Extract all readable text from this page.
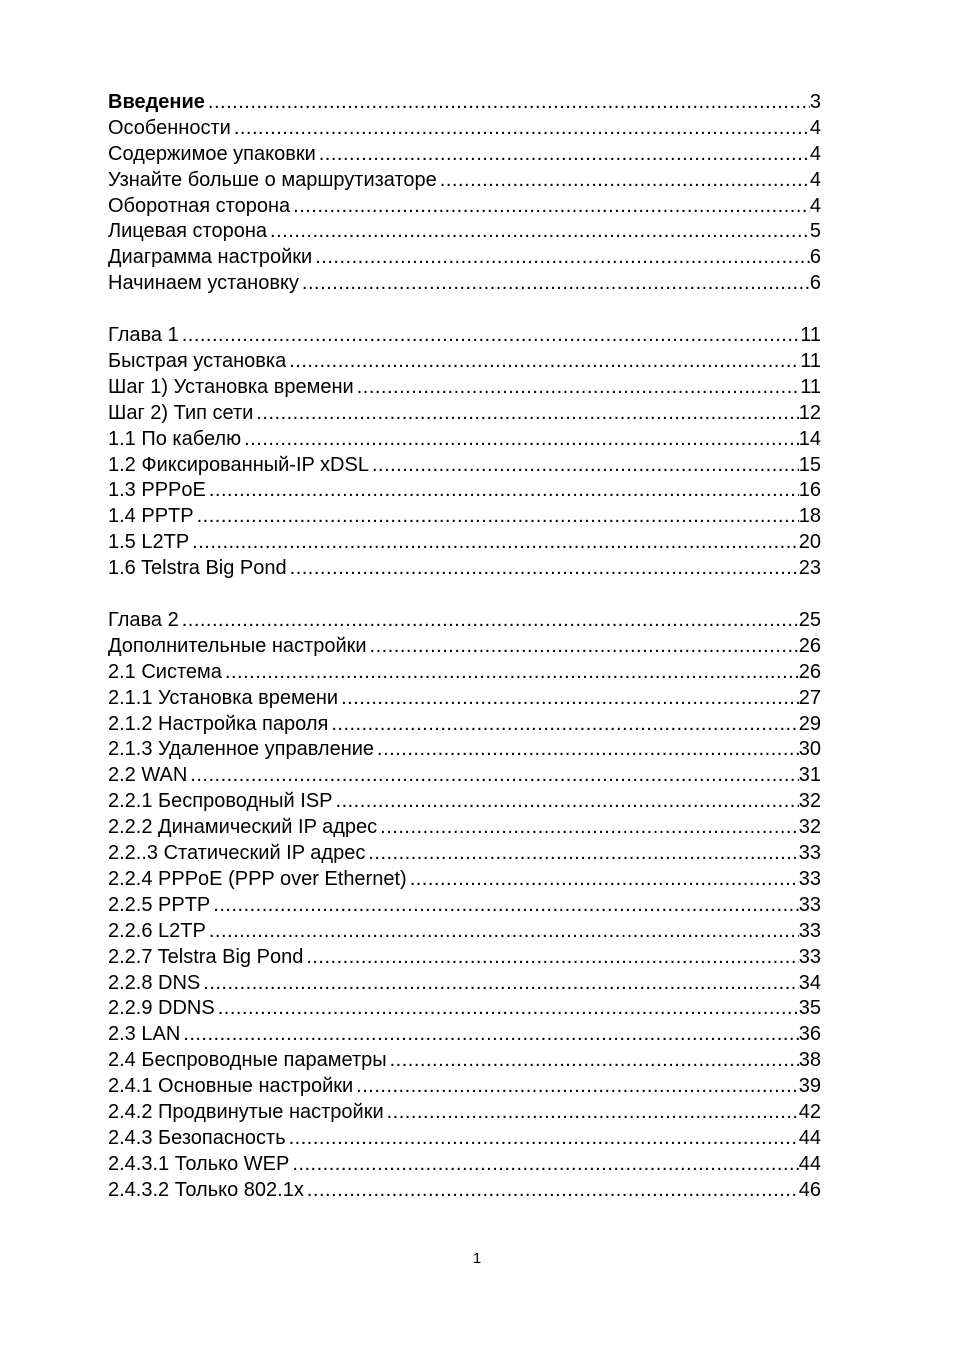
Введение .....	3
Особенности .....	4
Содержимое упаковки .....	4
Узнайте больше о маршрутизаторе .....	4
Оборотная сторона .....	4
Лицевая сторона .....	5
Диаграмма настройки .....	6
Начинаем установку .....	6
Глава 1 .....	11
Быстрая установка .....	11
Шаг 1) Установка времени .....	11
Шаг 2) Тип сети .....	12
1.1 По кабелю .....	14
1.2 Фиксированный-IP xDSL .....	15
1.3 PPPoE .....	16
1.4 PPTP .....	18
1.5 L2TP .....	20
1.6 Telstra Big Pond .....	23
Глава 2 .....	25
Дополнительные настройки .....	26
2.1 Система .....	26
2.1.1 Установка времени .....	27
2.1.2 Настройка пароля .....	29
2.1.3 Удаленное управление .....	30
2.2 WAN .....	31
2.2.1 Беспроводный ISP .....	32
2.2.2 Динамический IP адрес .....	32
2.2..3 Статический IP адрес .....	33
2.2.4 PPPoE (PPP over Ethernet) .....	33
2.2.5 PPTP .....	33
2.2.6 L2TP .....	33
2.2.7 Telstra Big Pond .....	33
2.2.8 DNS .....	34
2.2.9 DDNS .....	35
2.3 LAN .....	36
2.4 Беспроводные параметры .....	38
2.4.1 Основные настройки .....	39
2.4.2 Продвинутые настройки .....	42
2.4.3 Безопасность .....	44
2.4.3.1 Только WEP .....	44
2.4.3.2 Только 802.1x .....	46
1
